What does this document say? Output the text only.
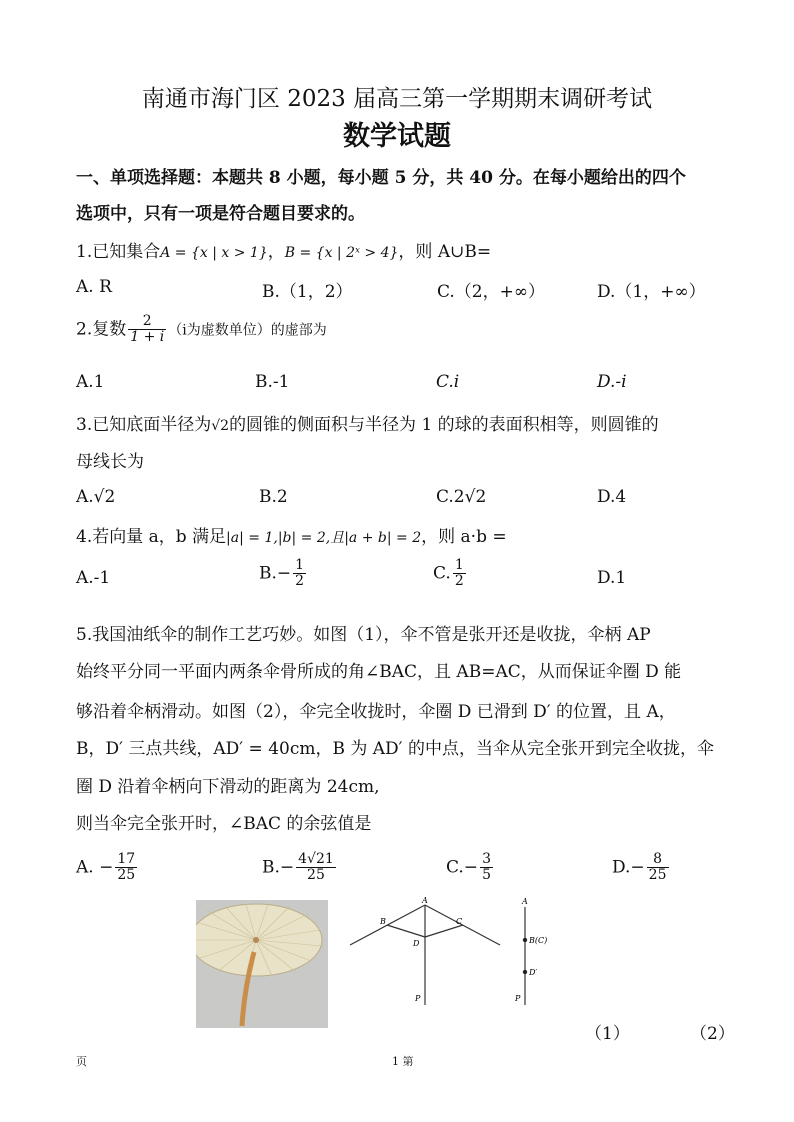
南通市海门区 2023 届高三第一学期期末调研考试
数学试题
一、单项选择题：本题共 8 小题，每小题 5 分，共 40 分。在每小题给出的四个
选项中，只有一项是符合题目要求的。
1.已知集合A = {x | x > 1}，B = {x | 2ˣ > 4}，则 A∪B=
A. R	B.（1，2）	C.（2，+∞）	D.（1，+∞）
2.复数 $\frac{2}{1 + i} (i$为虚数单位）的虚部为
A.1	B.-1	C.i	D.-i
3.已知底面半径为√2的圆锥的侧面积与半径为 1 的球的表面积相等，则圆锥的
母线长为
A.√2	B.2	C.2√2	D.4
4.若向量 a，b 满足|a| = 1,|b| = 2,且|a + b| = 2，则 a·b =
A.-1	$B.- \frac{1}{2}$	C. $\frac{1}{2}$	D.1
5.我国油纸伞的制作工艺巧妙。如图（1），伞不管是张开还是收拢，伞柄 AP
始终平分同一平面内两条伞骨所成的角∠BAC，且 AB=AC，从而保证伞圈 D 能
够沿着伞柄滑动。如图（2），伞完全收拢时，伞圈 D 已滑到 D′ 的位置，且 A，
B，D′ 三点共线，AD′ = 40cm，B 为 AD′ 的中点，当伞从完全张开到完全收拢，伞
圈 D 沿着伞柄向下滑动的距离为 24cm,
则当伞完全张开时，∠BAC 的余弦值是
A. − $\frac{17}{25}$	$B.- \frac{4√21}{25}$	$C.- \frac{3}{5}$	$D.- \frac{8}{25}$
A
B	C
D
P
A
B(C)
D′
P
（1）	（2）
页	1 第
